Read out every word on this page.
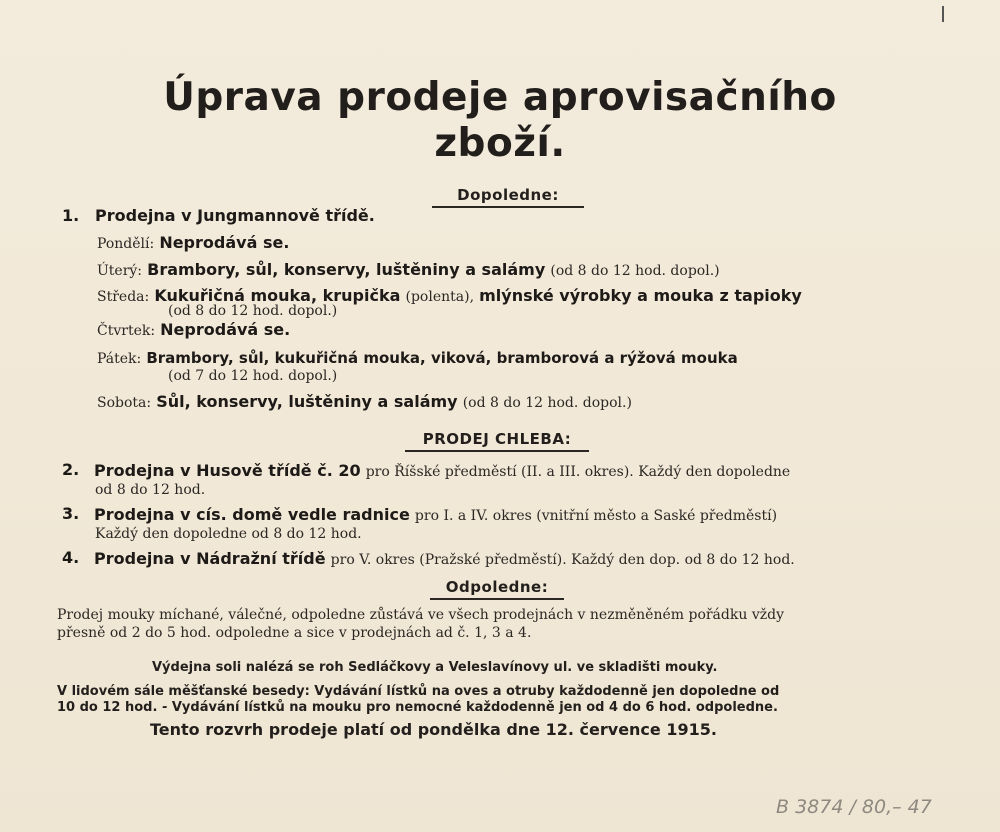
Úprava prodeje aprovisačního
zboží.
Dopoledne:
1. Prodejna v Jungmannově třídě.
Pondělí: Neprodává se.
Úterý: Brambory, sůl, konservy, luštěniny a salámy (od 8 do 12 hod. dopol.)
Středa: Kukuřičná mouka, krupička (polenta), mlýnské výrobky a mouka z tapioky
(od 8 do 12 hod. dopol.)
Čtvrtek: Neprodává se.
Pátek: Brambory, sůl, kukuřičná mouka, viková, bramborová a rýžová mouka
(od 7 do 12 hod. dopol.)
Sobota: Sůl, konservy, luštěniny a salámy (od 8 do 12 hod. dopol.)
PRODEJ CHLEBA:
2. Prodejna v Husově třídě č. 20 pro Říšské předměstí (II. a III. okres). Každý den dopoledne
od 8 do 12 hod.
3. Prodejna v cís. domě vedle radnice pro I. a IV. okres (vnitřní město a Saské předměstí)
Každý den dopoledne od 8 do 12 hod.
4. Prodejna v Nádražní třídě pro V. okres (Pražské předměstí). Každý den dop. od 8 do 12 hod.
Odpoledne:
Prodej mouky míchané, válečné, odpoledne zůstává ve všech prodejnách v nezměněném pořádku vždy
přesně od 2 do 5 hod. odpoledne a sice v prodejnách ad č. 1, 3 a 4.
Výdejna soli nalézá se roh Sedláčkovy a Veleslavínovy ul. ve skladišti mouky.
V lidovém sále měšťanské besedy: Vydávání lístků na oves a otruby každodenně jen dopoledne od
10 do 12 hod. - Vydávání lístků na mouku pro nemocné každodenně jen od 4 do 6 hod. odpoledne.
Tento rozvrh prodeje platí od pondělka dne 12. července 1915.
B 3874 / 80,– 47
